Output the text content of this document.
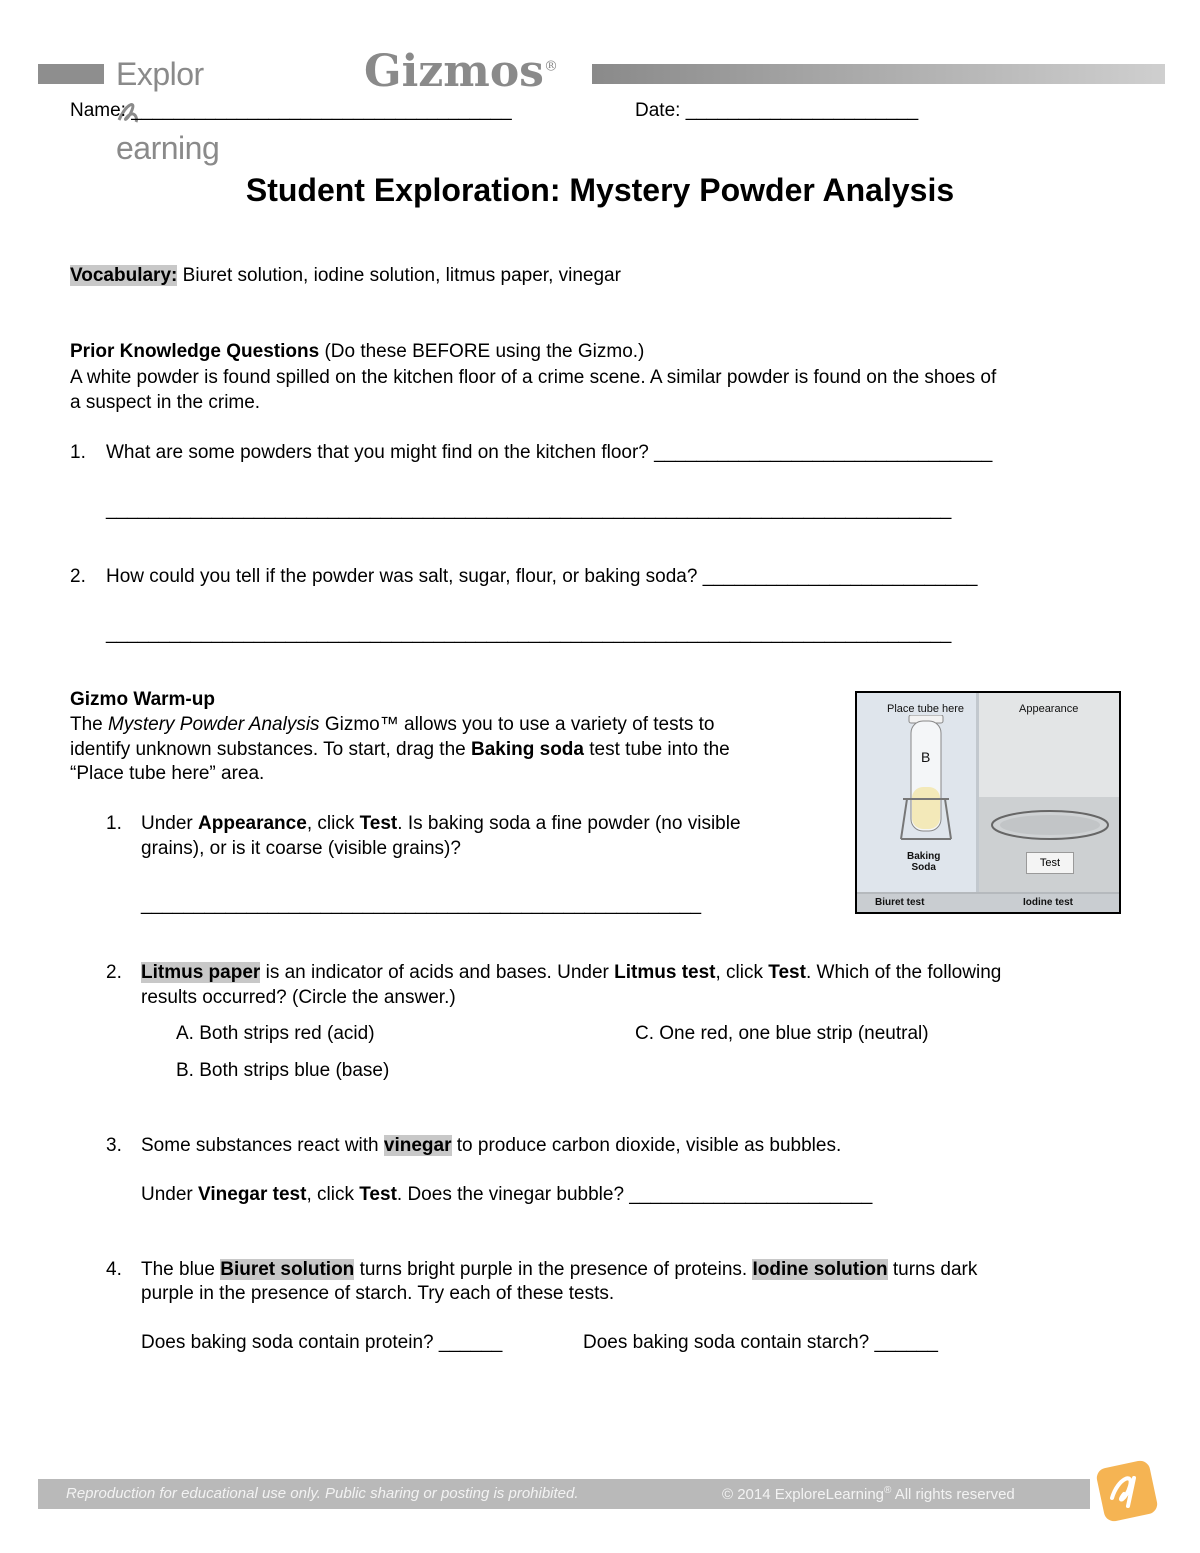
Explorearning
Gizmos®
Name: ____________________________________	Date: ______________________
Student Exploration: Mystery Powder Analysis
Vocabulary: Biuret solution, iodine solution, litmus paper, vinegar
Prior Knowledge Questions (Do these BEFORE using the Gizmo.)
A white powder is found spilled on the kitchen floor of a crime scene. A similar powder is found on the shoes of
a suspect in the crime.
1. What are some powders that you might find on the kitchen floor? ________________________________
________________________________________________________________________________
2. How could you tell if the powder was salt, sugar, flour, or baking soda? __________________________
________________________________________________________________________________
Gizmo Warm-up
The Mystery Powder Analysis Gizmo™ allows you to use a variety of tests to
identify unknown substances. To start, drag the Baking soda test tube into the
“Place tube here” area.
1. Under Appearance, click Test. Is baking soda a fine powder (no visible
grains), or is it coarse (visible grains)?
_____________________________________________________
Place tube here	Appearance
B
Baking
Soda	Test
Biuret test	Iodine test
2. Litmus paper is an indicator of acids and bases. Under Litmus test, click Test. Which of the following
results occurred? (Circle the answer.)
A. Both strips red (acid)	C. One red, one blue strip (neutral)
B. Both strips blue (base)
3. Some substances react with vinegar to produce carbon dioxide, visible as bubbles.
Under Vinegar test, click Test. Does the vinegar bubble? _______________________
4. The blue Biuret solution turns bright purple in the presence of proteins. Iodine solution turns dark
purple in the presence of starch. Try each of these tests.
Does baking soda contain protein? ______	Does baking soda contain starch? ______
Reproduction for educational use only. Public sharing or posting is prohibited.	© 2014 ExploreLearning® All rights reserved
